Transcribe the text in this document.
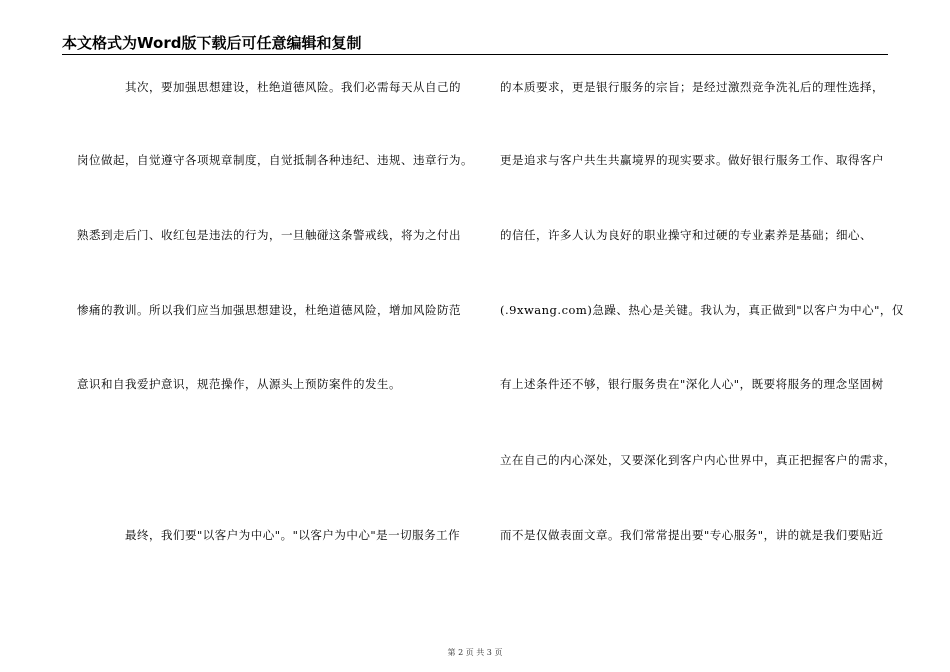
本文格式为Word版下载后可任意编辑和复制
其次，要加强思想建设，杜绝道德风险。我们必需每天从自己的
岗位做起，自觉遵守各项规章制度，自觉抵制各种违纪、违规、违章行为。
熟悉到走后门、收红包是违法的行为，一旦触碰这条警戒线，将为之付出
惨痛的教训。所以我们应当加强思想建设，杜绝道德风险，增加风险防范
意识和自我爱护意识，规范操作，从源头上预防案件的发生。
最终，我们要"以客户为中心"。"以客户为中心"是一切服务工作
的本质要求，更是银行服务的宗旨；是经过激烈竞争洗礼后的理性选择，
更是追求与客户共生共赢境界的现实要求。做好银行服务工作、取得客户
的信任，许多人认为良好的职业操守和过硬的专业素养是基础；细心、
(.9xwang.com)急躁、热心是关键。我认为，真正做到"以客户为中心"，仅
有上述条件还不够，银行服务贵在"深化人心"，既要将服务的理念坚固树
立在自己的内心深处，又要深化到客户内心世界中，真正把握客户的需求，
而不是仅做表面文章。我们常常提出要"专心服务"，讲的就是我们要贴近
第 2 页 共 3 页
